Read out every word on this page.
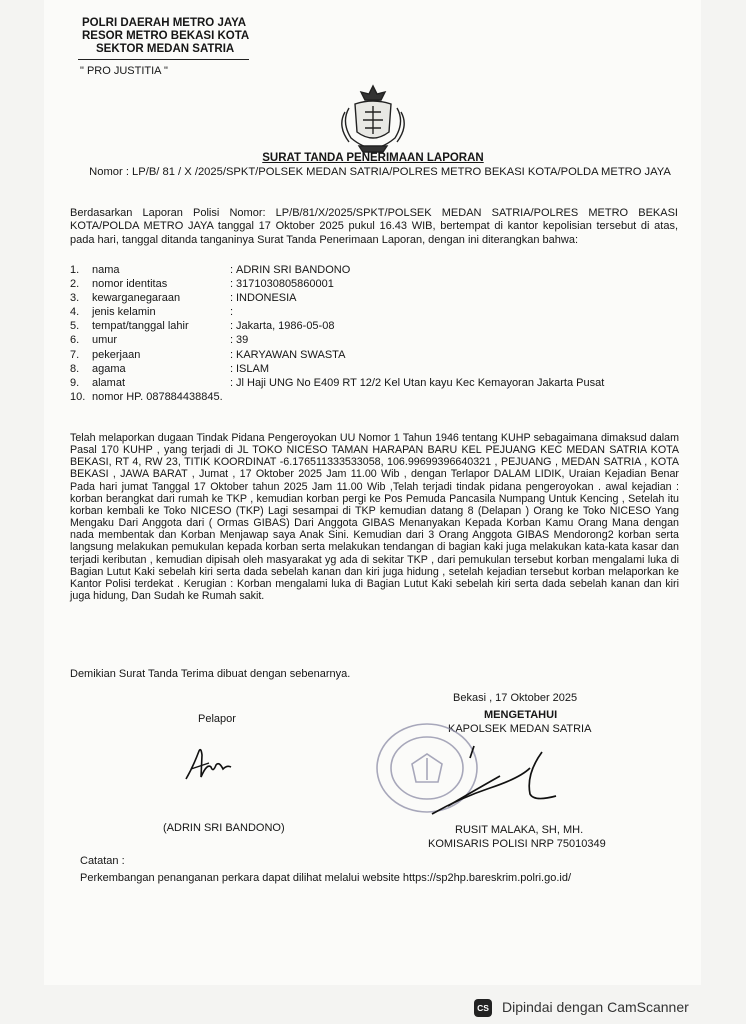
POLRI DAERAH METRO JAYA
RESOR METRO BEKASI KOTA
SEKTOR MEDAN SATRIA
" PRO JUSTITIA "
SURAT TANDA PENERIMAAN LAPORAN
Nomor : LP/B/ 81 / X /2025/SPKT/POLSEK MEDAN SATRIA/POLRES METRO BEKASI KOTA/POLDA METRO JAYA
Berdasarkan Laporan Polisi Nomor: LP/B/81/X/2025/SPKT/POLSEK MEDAN SATRIA/POLRES METRO BEKASI KOTA/POLDA METRO JAYA tanggal 17 Oktober 2025 pukul 16.43 WIB, bertempat di kantor kepolisian tersebut di atas, pada hari, tanggal ditanda tanganinya Surat Tanda Penerimaan Laporan, dengan ini diterangkan bahwa:
1. nama	: ADRIN SRI BANDONO
2. nomor identitas	: 3171030805860001
3. kewarganegaraan	: INDONESIA
4. jenis kelamin	:
5. tempat/tanggal lahir	: Jakarta, 1986-05-08
6. umur	: 39
7. pekerjaan	: KARYAWAN SWASTA
8. agama	: ISLAM
9. alamat	: Jl Haji UNG No E409 RT 12/2 Kel Utan kayu Kec Kemayoran Jakarta Pusat
10. nomor HP. 087884438845.
Telah melaporkan dugaan Tindak Pidana Pengeroyokan UU Nomor 1 Tahun 1946 tentang KUHP sebagaimana dimaksud dalam Pasal 170 KUHP , yang terjadi di JL TOKO NICESO TAMAN HARAPAN BARU KEL PEJUANG KEC MEDAN SATRIA KOTA BEKASI, RT 4, RW 23, TITIK KOORDINAT -6.176511333533058, 106.99699396640321 , PEJUANG , MEDAN SATRIA , KOTA BEKASI , JAWA BARAT , Jumat , 17 Oktober 2025 Jam 11.00 Wib , dengan Terlapor DALAM LIDIK, Uraian Kejadian Benar Pada hari jumat Tanggal 17 Oktober tahun 2025 Jam 11.00 Wib ,Telah terjadi tindak pidana pengeroyokan . awal kejadian : korban berangkat dari rumah ke TKP , kemudian korban pergi ke Pos Pemuda Pancasila Numpang Untuk Kencing , Setelah itu korban kembali ke Toko NICESO (TKP) Lagi sesampai di TKP kemudian datang 8 (Delapan ) Orang ke Toko NICESO Yang Mengaku Dari Anggota dari ( Ormas GIBAS) Dari Anggota GIBAS Menanyakan Kepada Korban Kamu Orang Mana dengan nada membentak dan Korban Menjawap saya Anak Sini. Kemudian dari 3 Orang Anggota GIBAS Mendorong2 korban serta langsung melakukan pemukulan kepada korban serta melakukan tendangan di bagian kaki juga melakukan kata-kata kasar dan terjadi keributan , kemudian dipisah oleh masyarakat yg ada di sekitar TKP , dari pemukulan tersebut korban mengalami luka di Bagian Lutut Kaki sebelah kiri serta dada sebelah kanan dan kiri juga hidung , setelah kejadian tersebut korban melaporkan ke Kantor Polisi terdekat . Kerugian : Korban mengalami luka di Bagian Lutut Kaki sebelah kiri serta dada sebelah kanan dan kiri juga hidung, Dan Sudah ke Rumah sakit.
Demikian Surat Tanda Terima dibuat dengan sebenarnya.
Bekasi , 17 Oktober 2025
MENGETAHUI
KAPOLSEK MEDAN SATRIA
Pelapor
(ADRIN SRI BANDONO)	RUSIT MALAKA, SH, MH.
KOMISARIS POLISI NRP 75010349
Catatan :
Perkembangan penanganan perkara dapat dilihat melalui website https://sp2hp.bareskrim.polri.go.id/
CS Dipindai dengan CamScanner
